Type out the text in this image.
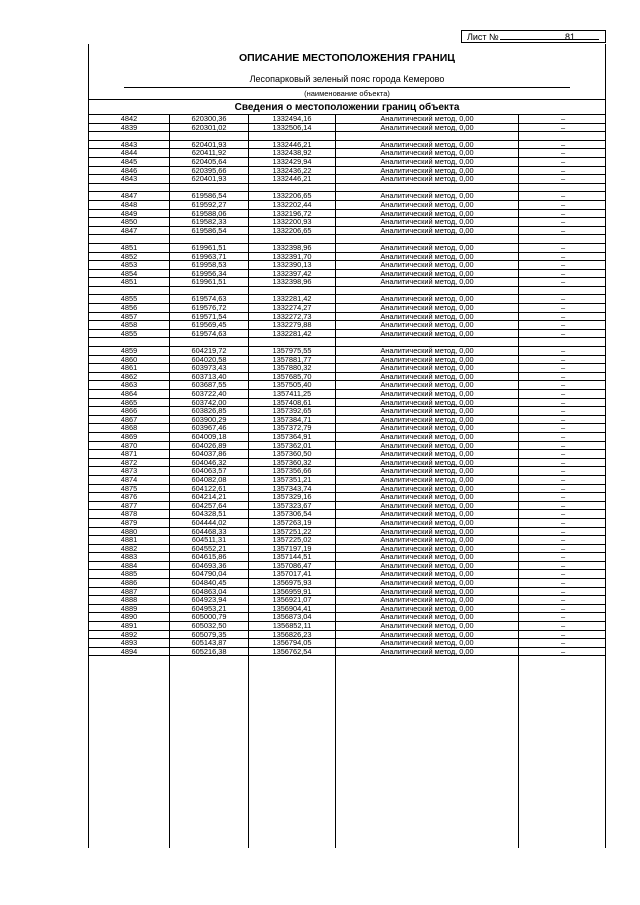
Лист №	81
ОПИСАНИЕ МЕСТОПОЛОЖЕНИЯ ГРАНИЦ
Лесопарковый зеленый пояс города Кемерово
(наименование объекта)
Сведения о местоположении границ объекта
4842	620300,36	1332494,16	Аналитический метод, 0,00	–
4839	620301,02	1332506,14	Аналитический метод, 0,00	–
4843	620401,93	1332446,21	Аналитический метод, 0,00	–
4844	620411,92	1332438,92	Аналитический метод, 0,00	–
4845	620405,64	1332429,94	Аналитический метод, 0,00	–
4846	620395,66	1332436,22	Аналитический метод, 0,00	–
4843	620401,93	1332446,21	Аналитический метод, 0,00	–
4847	619586,54	1332206,65	Аналитический метод, 0,00	–
4848	619592,27	1332202,44	Аналитический метод, 0,00	–
4849	619588,06	1332196,72	Аналитический метод, 0,00	–
4850	619582,33	1332200,93	Аналитический метод, 0,00	–
4847	619586,54	1332206,65	Аналитический метод, 0,00	–
4851	619961,51	1332398,96	Аналитический метод, 0,00	–
4852	619963,71	1332391,70	Аналитический метод, 0,00	–
4853	619958,53	1332390,13	Аналитический метод, 0,00	–
4854	619956,34	1332397,42	Аналитический метод, 0,00	–
4851	619961,51	1332398,96	Аналитический метод, 0,00	–
4855	619574,63	1332281,42	Аналитический метод, 0,00	–
4856	619576,72	1332274,27	Аналитический метод, 0,00	–
4857	619571,54	1332272,73	Аналитический метод, 0,00	–
4858	619569,45	1332279,88	Аналитический метод, 0,00	–
4855	619574,63	1332281,42	Аналитический метод, 0,00	–
4859	604219,72	1357975,55	Аналитический метод, 0,00	–
4860	604020,58	1357881,77	Аналитический метод, 0,00	–
4861	603973,43	1357880,32	Аналитический метод, 0,00	–
4862	603713,40	1357685,70	Аналитический метод, 0,00	–
4863	603687,55	1357505,40	Аналитический метод, 0,00	–
4864	603722,40	1357411,25	Аналитический метод, 0,00	–
4865	603742,00	1357408,61	Аналитический метод, 0,00	–
4866	603826,85	1357392,65	Аналитический метод, 0,00	–
4867	603900,29	1357384,71	Аналитический метод, 0,00	–
4868	603967,46	1357372,79	Аналитический метод, 0,00	–
4869	604009,18	1357364,91	Аналитический метод, 0,00	–
4870	604026,89	1357362,01	Аналитический метод, 0,00	–
4871	604037,86	1357360,50	Аналитический метод, 0,00	–
4872	604046,32	1357360,32	Аналитический метод, 0,00	–
4873	604063,57	1357356,66	Аналитический метод, 0,00	–
4874	604082,08	1357351,21	Аналитический метод, 0,00	–
4875	604122,61	1357343,74	Аналитический метод, 0,00	–
4876	604214,21	1357329,16	Аналитический метод, 0,00	–
4877	604257,64	1357323,67	Аналитический метод, 0,00	–
4878	604328,51	1357306,54	Аналитический метод, 0,00	–
4879	604444,02	1357263,19	Аналитический метод, 0,00	–
4880	604468,33	1357251,22	Аналитический метод, 0,00	–
4881	604511,31	1357225,02	Аналитический метод, 0,00	–
4882	604552,21	1357197,19	Аналитический метод, 0,00	–
4883	604615,86	1357144,51	Аналитический метод, 0,00	–
4884	604693,36	1357086,47	Аналитический метод, 0,00	–
4885	604790,04	1357017,41	Аналитический метод, 0,00	–
4886	604840,45	1356975,93	Аналитический метод, 0,00	–
4887	604863,04	1356959,91	Аналитический метод, 0,00	–
4888	604923,94	1356921,07	Аналитический метод, 0,00	–
4889	604953,21	1356904,41	Аналитический метод, 0,00	–
4890	605000,79	1356873,04	Аналитический метод, 0,00	–
4891	605032,50	1356852,11	Аналитический метод, 0,00	–
4892	605079,35	1356826,23	Аналитический метод, 0,00	–
4893	605143,87	1356794,05	Аналитический метод, 0,00	–
4894	605216,38	1356762,54	Аналитический метод, 0,00	–
